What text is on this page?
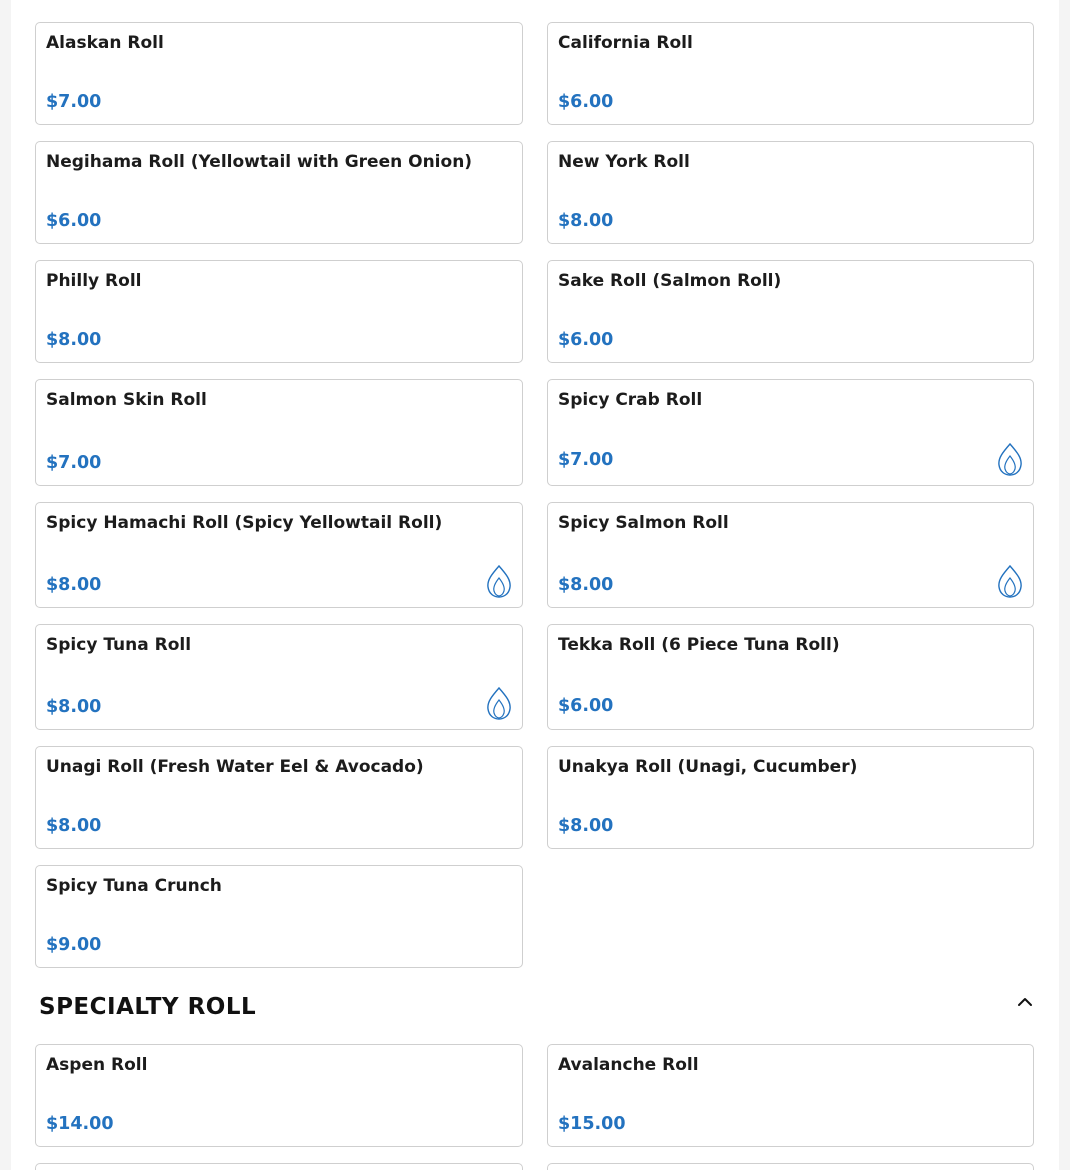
Alaskan Roll
$7.00
California Roll
$6.00
Negihama Roll (Yellowtail with Green Onion)
$6.00
New York Roll
$8.00
Philly Roll
$8.00
Sake Roll (Salmon Roll)
$6.00
Salmon Skin Roll
$7.00
Spicy Crab Roll
$7.00
Spicy Hamachi Roll (Spicy Yellowtail Roll)
$8.00
Spicy Salmon Roll
$8.00
Spicy Tuna Roll
$8.00
Tekka Roll (6 Piece Tuna Roll)
$6.00
Unagi Roll (Fresh Water Eel & Avocado)
$8.00
Unakya Roll (Unagi, Cucumber)
$8.00
Spicy Tuna Crunch
$9.00
SPECIALTY ROLL
Aspen Roll
$14.00
Avalanche Roll
$15.00
